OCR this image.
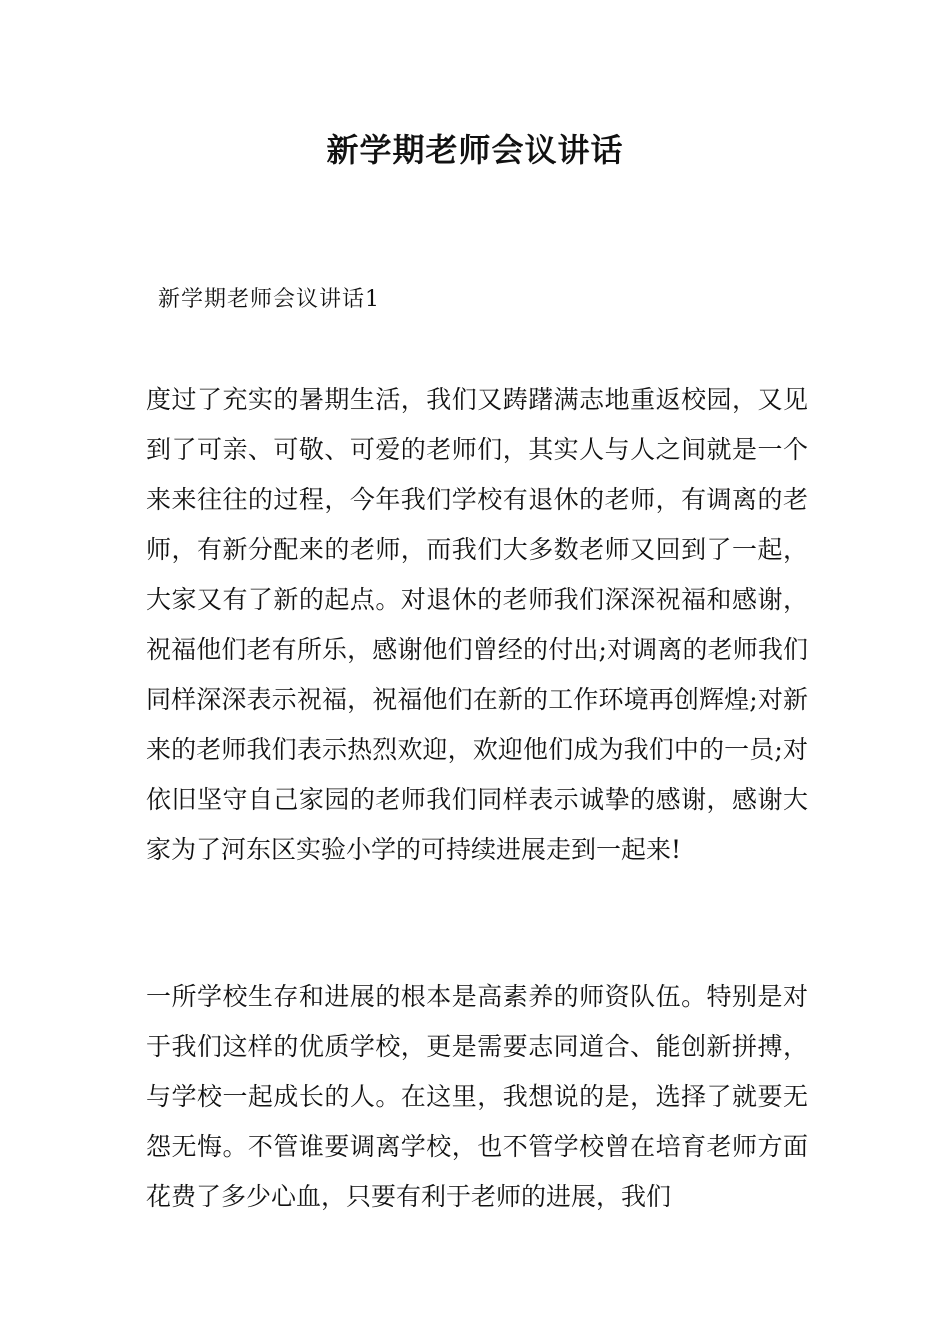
新学期老师会议讲话
新学期老师会议讲话1

度过了充实的暑期生活，我们又踌躇满志地重返校园，又见到了可亲、可敬、可爱的老师们，其实人与人之间就是一个来来往往的过程，今年我们学校有退休的老师，有调离的老师，有新分配来的老师，而我们大多数老师又回到了一起，大家又有了新的起点。对退休的老师我们深深祝福和感谢，祝福他们老有所乐，感谢他们曾经的付出;对调离的老师我们同样深深表示祝福，祝福他们在新的工作环境再创辉煌;对新来的老师我们表示热烈欢迎，欢迎他们成为我们中的一员;对依旧坚守自己家园的老师我们同样表示诚挚的感谢，感谢大家为了河东区实验小学的可持续进展走到一起来!

一所学校生存和进展的根本是高素养的师资队伍。特别是对于我们这样的优质学校，更是需要志同道合、能创新拼搏，与学校一起成长的人。在这里，我想说的是，选择了就要无怨无悔。不管谁要调离学校，也不管学校曾在培育老师方面花费了多少心血，只要有利于老师的进展，我们
